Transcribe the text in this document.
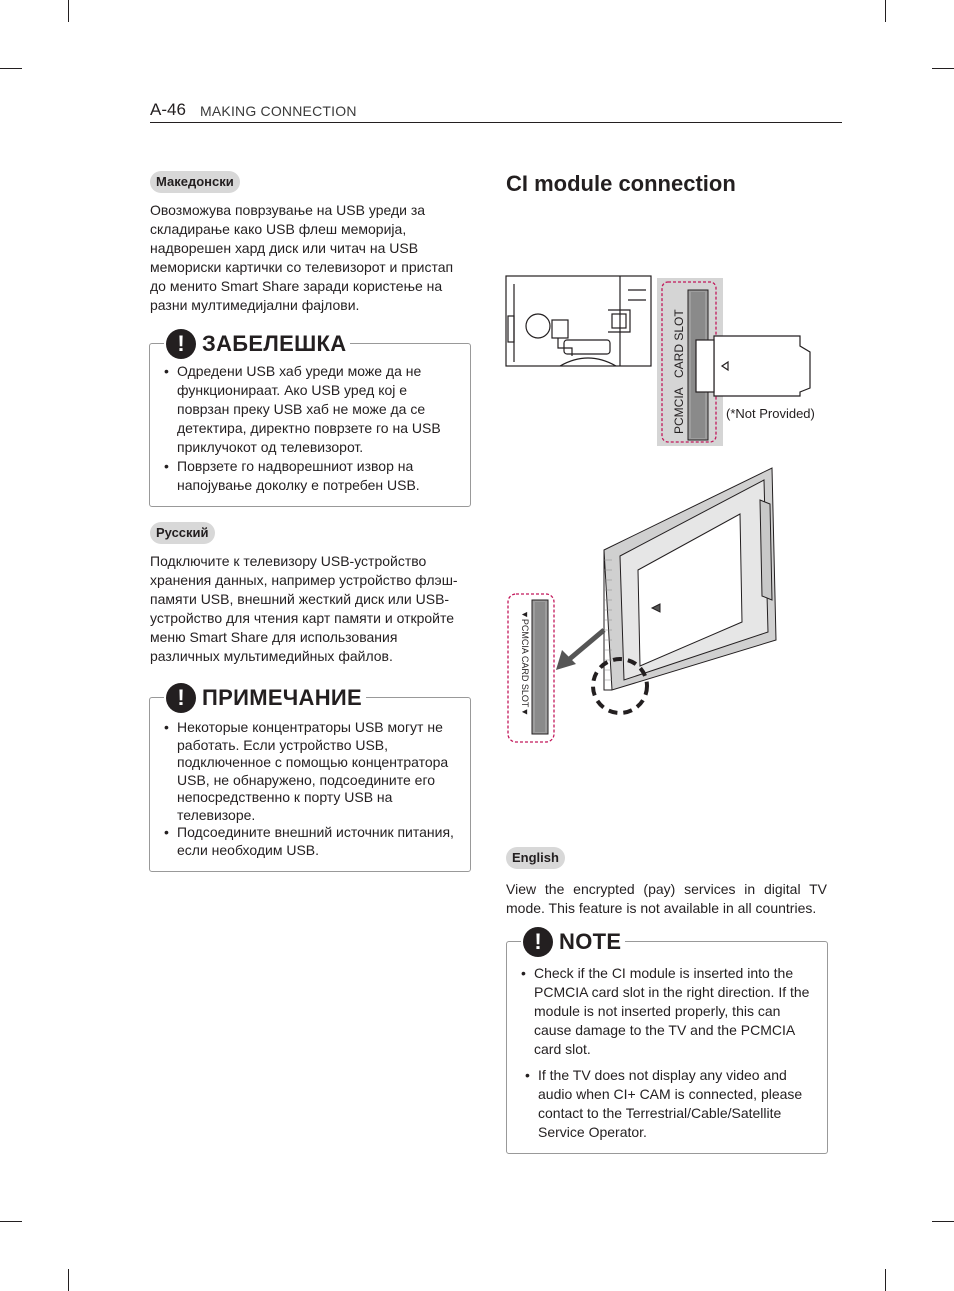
A-46 MAKING CONNECTION
Македонски

Овозможува поврзување на USB уреди за складирање како USB флеш меморија, надворешен хард диск или читач на USB мемориски картички со телевизорот и пристап до менито Smart Share заради користење на разни мултимедијални фајлови.

! ЗАБЕЛЕШКА
• Одредени USB хаб уреди може да не функционираат. Ако USB уред кој е поврзан преку USB хаб не може да се детектира, директно поврзете го на USB приклучокот од телевизорот.
• Поврзете го надворешниот извор на напојување доколку е потребен USB.
Русский

Подключите к телевизору USB-устройство хранения данных, например устройство флэш-памяти USB, внешний жесткий диск или USB-устройство для чтения карт памяти и откройте меню Smart Share для использования различных мультимедийных файлов.

! ПРИМЕЧАНИЕ
• Некоторые концентраторы USB могут не работать. Если устройство USB, подключенное с помощью концентратора USB, не обнаружено, подсоедините его непосредственно к порту USB на телевизоре.
• Подсоедините внешний источник питания, если необходим USB.
CI module connection
PCMCIA   CARD SLOT	(*Not Provided)
▼PCMCIA CARD SLOT▼
English

View the encrypted (pay) services in digital TV mode. This feature is not available in all countries.

! NOTE
• Check if the CI module is inserted into the PCMCIA card slot in the right direction. If the module is not inserted properly, this can cause damage to the TV and the PCMCIA card slot.
• If the TV does not display any video and audio when CI+ CAM is connected, please contact to the Terrestrial/Cable/Satellite Service Operator.
